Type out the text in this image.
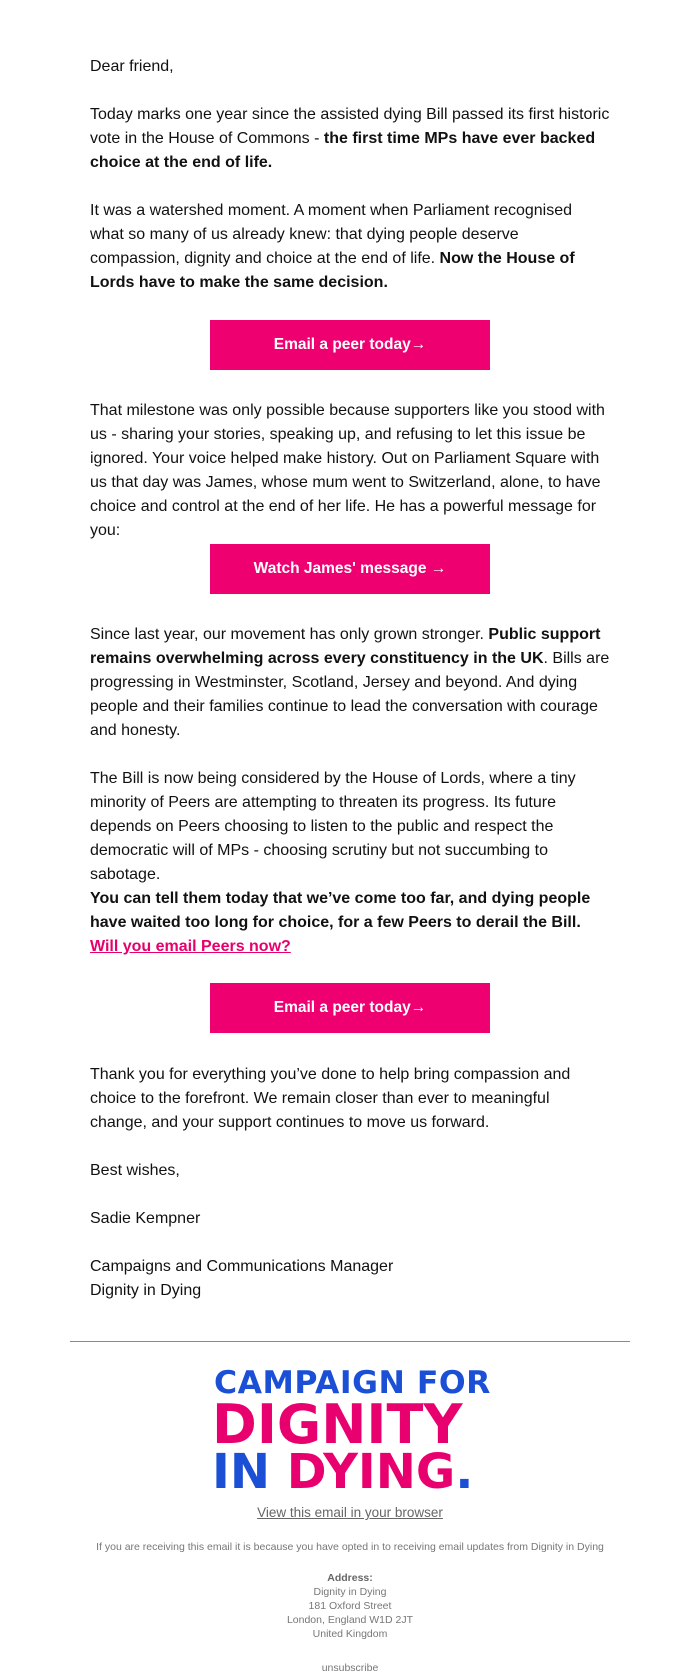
Dear friend,

Today marks one year since the assisted dying Bill passed its first historic vote in the House of Commons - the first time MPs have ever backed choice at the end of life.

It was a watershed moment. A moment when Parliament recognised what so many of us already knew: that dying people deserve compassion, dignity and choice at the end of life. Now the House of Lords have to make the same decision.

Email a peer today→

That milestone was only possible because supporters like you stood with us - sharing your stories, speaking up, and refusing to let this issue be ignored. Your voice helped make history. Out on Parliament Square with us that day was James, whose mum went to Switzerland, alone, to have choice and control at the end of her life. He has a powerful message for you:

Watch James' message →

Since last year, our movement has only grown stronger. Public support remains overwhelming across every constituency in the UK. Bills are progressing in Westminster, Scotland, Jersey and beyond. And dying people and their families continue to lead the conversation with courage and honesty.

The Bill is now being considered by the House of Lords, where a tiny minority of Peers are attempting to threaten its progress. Its future depends on Peers choosing to listen to the public and respect the democratic will of MPs - choosing scrutiny but not succumbing to sabotage.

You can tell them today that we’ve come too far, and dying people have waited too long for choice, for a few Peers to derail the Bill. Will you email Peers now?

Email a peer today→

Thank you for everything you’ve done to help bring compassion and choice to the forefront. We remain closer than ever to meaningful change, and your support continues to move us forward.

Best wishes,

Sadie Kempner

Campaigns and Communications Manager

Dignity in Dying

CAMPAIGN FOR
DIGNITY
IN DYING.
View this email in your browser

If you are receiving this email it is because you have opted in to receiving email updates from Dignity in Dying

Address:

Dignity in Dying

181 Oxford Street

London, England W1D 2JT

United Kingdom

unsubscribe
